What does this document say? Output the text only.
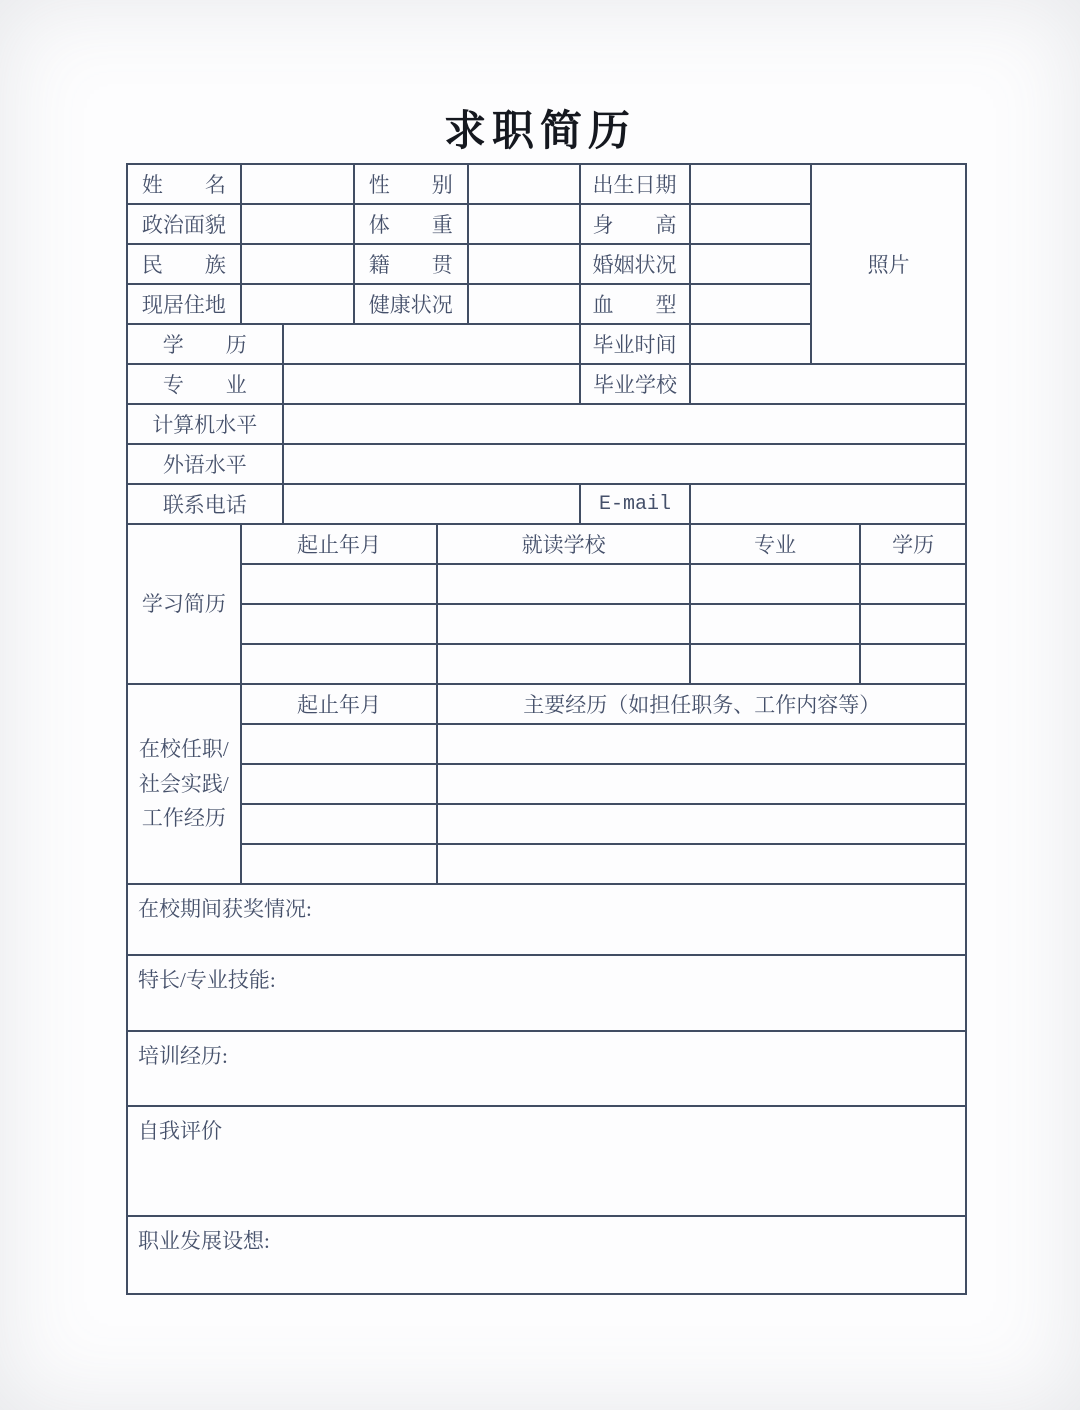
求职简历
姓　　名			性　　别		出生日期		照片
政治面貌			体　　重		身　　高		
民　　族			籍　　贯		婚姻状况		
现居住地			健康状况		血　　型		
学　　历					毕业时间		
专　　业		毕业学校	
计算机水平			
外语水平			
联系电话		E-mail	
学习简历	起止年月	就读学校	专业	学历

在校任职/
社会实践/
工作经历	起止年月	主要经历（如担任职务、工作内容等）

在校期间获奖情况:
特长/专业技能:
培训经历:
自我评价
职业发展设想:
